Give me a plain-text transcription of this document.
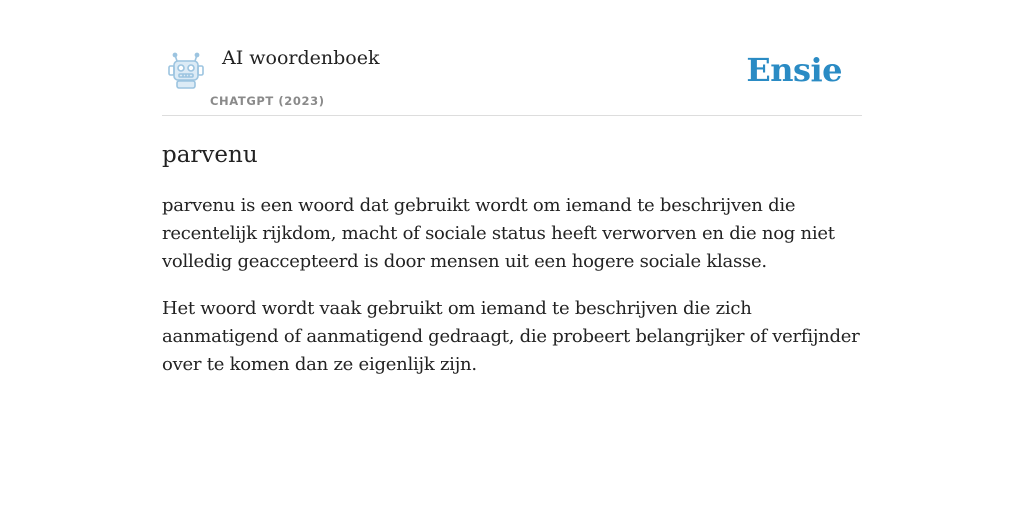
AI woordenboek
CHATGPT (2023)
Ensie
parvenu

parvenu is een woord dat gebruikt wordt om iemand te beschrijven die recentelijk rijkdom, macht of sociale status heeft verworven en die nog niet volledig geaccepteerd is door mensen uit een hogere sociale klasse.

Het woord wordt vaak gebruikt om iemand te beschrijven die zich aanmatigend of aanmatigend gedraagt, die probeert belangrijker of verfijnder over te komen dan ze eigenlijk zijn.
